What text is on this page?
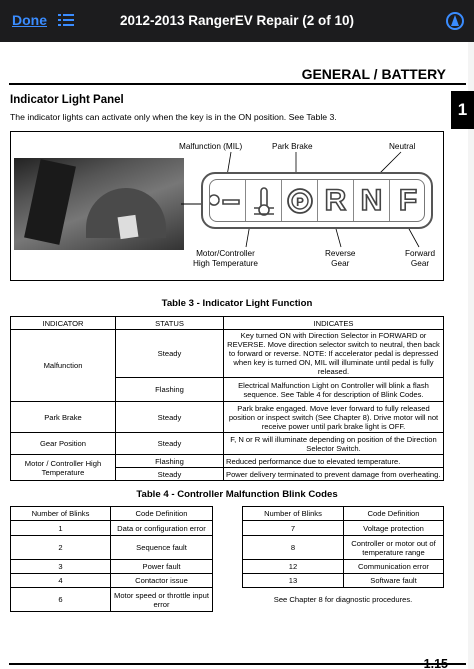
Done	2012-2013 RangerEV Repair (2 of 10)
GENERAL / BATTERY
1
Indicator Light Panel
The indicator lights can activate only when the key is in the ON position. See Table 3.
Malfunction (MIL)	Park Brake	Neutral
P R N F
Motor/Controller
High Temperature
Reverse
Gear
Forward
Gear
Table 3 - Indicator Light Function
INDICATOR	STATUS	INDICATES
Malfunction	Steady	Key turned ON with Direction Selector in FORWARD or REVERSE. Move direction selector switch to neutral, then back to forward or reverse. NOTE: If accelerator pedal is depressed when key is turned ON, MIL will illuminate until pedal is fully released.
	Flashing	Electrical Malfunction Light on Controller will blink a flash sequence. See Table 4 for description of Blink Codes.
Park Brake	Steady	Park brake engaged. Move lever forward to fully released position or inspect switch (See Chapter 8). Drive motor will not receive power until park brake light is OFF.
Gear Position	Steady	F, N or R will illuminate depending on position of the Direction Selector Switch.
Motor / Controller High Temperature	Flashing	Reduced performance due to elevated temperature.
	Steady	Power delivery terminated to prevent damage from overheating.
Table 4 - Controller Malfunction Blink Codes
Number of Blinks	Code Definition
1	Data or configuration error
2	Sequence fault
3	Power fault
4	Contactor issue
6	Motor speed or throttle input error
Number of Blinks	Code Definition
7	Voltage protection
8	Controller or motor out of temperature range
12	Communication error
13	Software fault
See Chapter 8 for diagnostic procedures.	
1.15
